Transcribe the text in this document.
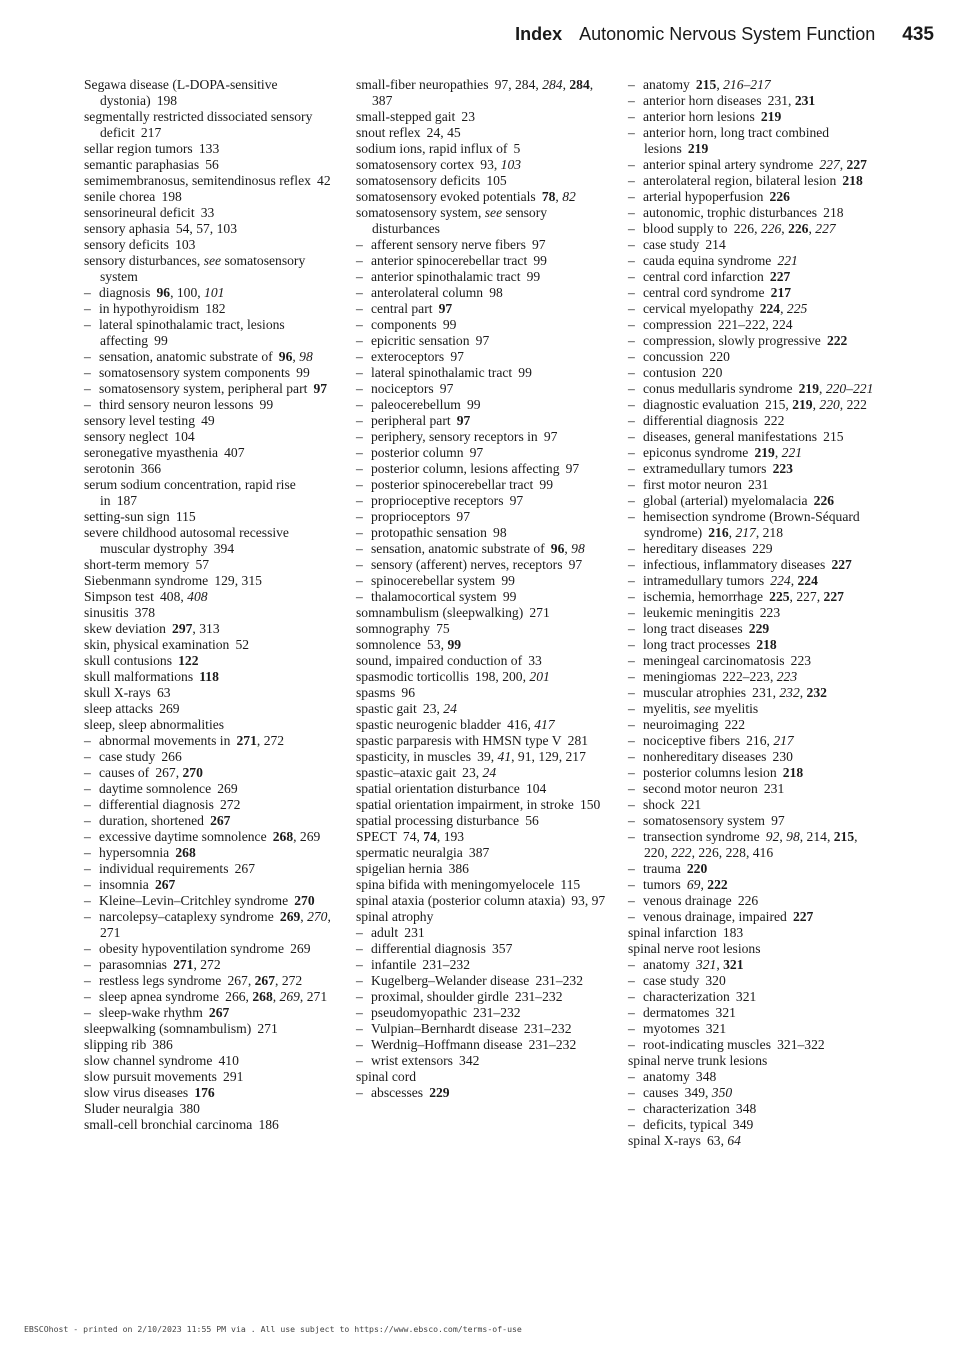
Index Autonomic Nervous System Function 435
Segawa disease (L-DOPA-sensitive dystonia) 198
segmentally restricted dissociated sensory deficit 217
sellar region tumors 133
semantic paraphasias 56
semimembranosus, semitendinosus reflex 42
senile chorea 198
sensorineural deficit 33
sensory aphasia 54, 57, 103
sensory deficits 103
sensory disturbances, see somatosensory system
– diagnosis 96, 100, 101
– in hypothyroidism 182
– lateral spinothalamic tract, lesions affecting 99
– sensation, anatomic substrate of 96, 98
– somatosensory system components 99
– somatosensory system, peripheral part 97
– third sensory neuron lessons 99
sensory level testing 49
sensory neglect 104
seronegative myasthenia 407
serotonin 366
serum sodium concentration, rapid rise in 187
setting-sun sign 115
severe childhood autosomal recessive muscular dystrophy 394
short-term memory 57
Siebenmann syndrome 129, 315
Simpson test 408, 408
sinusitis 378
skew deviation 297, 313
skin, physical examination 52
skull contusions 122
skull malformations 118
skull X-rays 63
sleep attacks 269
sleep, sleep abnormalities
– abnormal movements in 271, 272
– case study 266
– causes of 267, 270
– daytime somnolence 269
– differential diagnosis 272
– duration, shortened 267
– excessive daytime somnolence 268, 269
– hypersomnia 268
– individual requirements 267
– insomnia 267
– Kleine–Levin–Critchley syndrome 270
– narcolepsy–cataplexy syndrome 269, 270, 271
– obesity hypoventilation syndrome 269
– parasomnias 271, 272
– restless legs syndrome 267, 267, 272
– sleep apnea syndrome 266, 268, 269, 271
– sleep-wake rhythm 267
sleepwalking (somnambulism) 271
slipping rib 386
slow channel syndrome 410
slow pursuit movements 291
slow virus diseases 176
Sluder neuralgia 380
small-cell bronchial carcinoma 186
small-fiber neuropathies 97, 284, 284, 284, 387
small-stepped gait 23
snout reflex 24, 45
sodium ions, rapid influx of 5
somatosensory cortex 93, 103
somatosensory deficits 105
somatosensory evoked potentials 78, 82
somatosensory system, see sensory disturbances
– afferent sensory nerve fibers 97
– anterior spinocerebellar tract 99
– anterior spinothalamic tract 99
– anterolateral column 98
– central part 97
– components 99
– epicritic sensation 97
– exteroceptors 97
– lateral spinothalamic tract 99
– nociceptors 97
– paleocerebellum 99
– peripheral part 97
– periphery, sensory receptors in 97
– posterior column 97
– posterior column, lesions affecting 97
– posterior spinocerebellar tract 99
– proprioceptive receptors 97
– proprioceptors 97
– protopathic sensation 98
– sensation, anatomic substrate of 96, 98
– sensory (afferent) nerves, receptors 97
– spinocerebellar system 99
– thalamocortical system 99
somnambulism (sleepwalking) 271
somnography 75
somnolence 53, 99
sound, impaired conduction of 33
spasmodic torticollis 198, 200, 201
spasms 96
spastic gait 23, 24
spastic neurogenic bladder 416, 417
spastic parparesis with HMSN type V 281
spasticity, in muscles 39, 41, 91, 129, 217
spastic–ataxic gait 23, 24
spatial orientation disturbance 104
spatial orientation impairment, in stroke 150
spatial processing disturbance 56
SPECT 74, 74, 193
spermatic neuralgia 387
spigelian hernia 386
spina bifida with meningomyelocele 115
spinal ataxia (posterior column ataxia) 93, 97
spinal atrophy
– adult 231
– differential diagnosis 357
– infantile 231–232
– Kugelberg–Welander disease 231–232
– proximal, shoulder girdle 231–232
– pseudomyopathic 231–232
– Vulpian–Bernhardt disease 231–232
– Werdnig–Hoffmann disease 231–232
– wrist extensors 342
spinal cord
– abscesses 229
– anatomy 215, 216–217
– anterior horn diseases 231, 231
– anterior horn lesions 219
– anterior horn, long tract combined lesions 219
– anterior spinal artery syndrome 227, 227
– anterolateral region, bilateral lesion 218
– arterial hypoperfusion 226
– autonomic, trophic disturbances 218
– blood supply to 226, 226, 226, 227
– case study 214
– cauda equina syndrome 221
– central cord infarction 227
– central cord syndrome 217
– cervical myelopathy 224, 225
– compression 221–222, 224
– compression, slowly progressive 222
– concussion 220
– contusion 220
– conus medullaris syndrome 219, 220–221
– diagnostic evaluation 215, 219, 220, 222
– differential diagnosis 222
– diseases, general manifestations 215
– epiconus syndrome 219, 221
– extramedullary tumors 223
– first motor neuron 231
– global (arterial) myelomalacia 226
– hemisection syndrome (Brown-Séquard syndrome) 216, 217, 218
– hereditary diseases 229
– infectious, inflammatory diseases 227
– intramedullary tumors 224, 224
– ischemia, hemorrhage 225, 227, 227
– leukemic meningitis 223
– long tract diseases 229
– long tract processes 218
– meningeal carcinomatosis 223
– meningiomas 222–223, 223
– muscular atrophies 231, 232, 232
– myelitis, see myelitis
– neuroimaging 222
– nociceptive fibers 216, 217
– nonhereditary diseases 230
– posterior columns lesion 218
– second motor neuron 231
– shock 221
– somatosensory system 97
– transection syndrome 92, 98, 214, 215, 220, 222, 226, 228, 416
– trauma 220
– tumors 69, 222
– venous drainage 226
– venous drainage, impaired 227
spinal infarction 183
spinal nerve root lesions
– anatomy 321, 321
– case study 320
– characterization 321
– dermatomes 321
– myotomes 321
– root-indicating muscles 321–322
spinal nerve trunk lesions
– anatomy 348
– causes 349, 350
– characterization 348
– deficits, typical 349
spinal X-rays 63, 64
EBSCOhost - printed on 2/10/2023 11:55 PM via . All use subject to https://www.ebsco.com/terms-of-use
